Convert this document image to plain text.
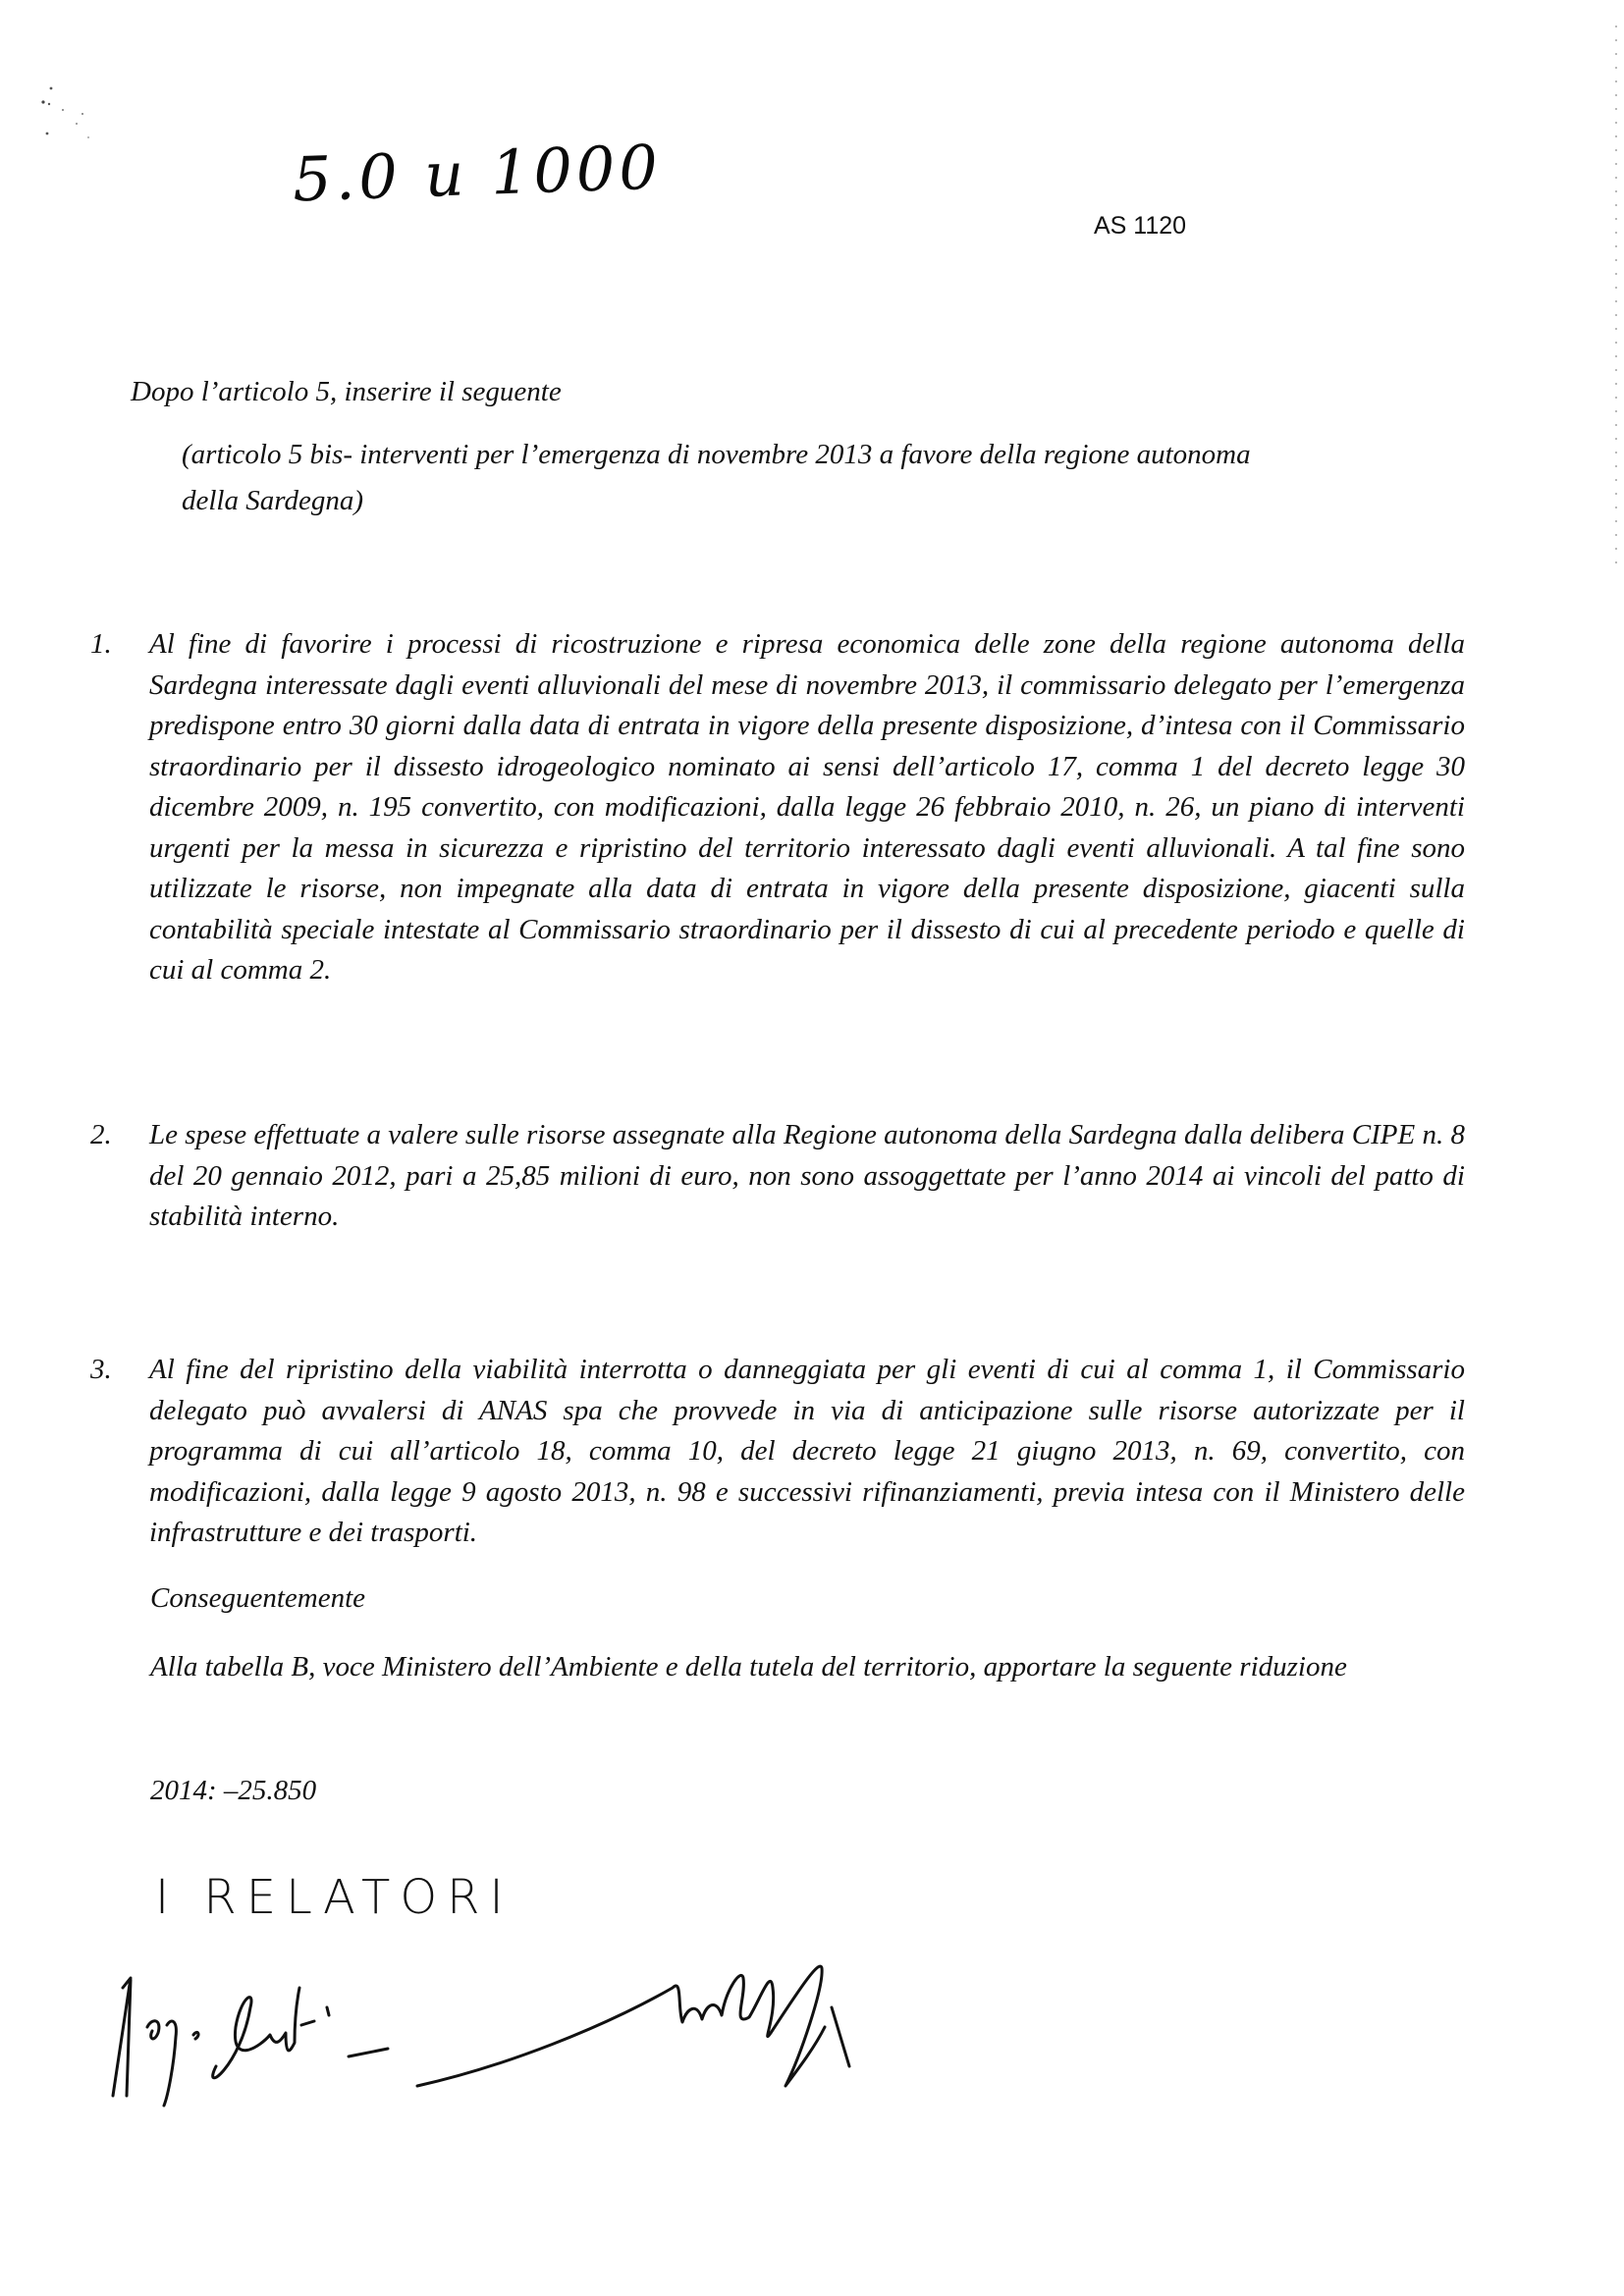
5.0 u 1000
AS 1120
Dopo l’articolo 5, inserire il seguente
(articolo 5 bis- interventi per l’emergenza di novembre 2013 a favore della regione autonoma
della Sardegna)
1.	Al fine di favorire i processi di ricostruzione e ripresa economica delle zone della regione autonoma della Sardegna interessate dagli eventi alluvionali del mese di novembre 2013, il commissario delegato per l’emergenza predispone entro 30 giorni dalla data di entrata in vigore della presente disposizione, d’intesa con il Commissario straordinario per il dissesto idrogeologico nominato ai sensi dell’articolo 17, comma 1 del decreto legge 30 dicembre 2009, n. 195 convertito, con modificazioni, dalla legge 26 febbraio 2010, n. 26, un piano di interventi urgenti per la messa in sicurezza e ripristino del territorio interessato dagli eventi alluvionali. A tal fine sono utilizzate le risorse, non impegnate alla data di entrata in vigore della presente disposizione, giacenti sulla contabilità speciale intestate al Commissario straordinario per il dissesto di cui al precedente periodo e quelle di cui al comma 2.
2.	Le spese effettuate a valere sulle risorse assegnate alla Regione autonoma della Sardegna dalla delibera CIPE n. 8 del 20 gennaio 2012, pari a 25,85 milioni di euro, non sono assoggettate per l’anno 2014 ai vincoli del patto di stabilità interno.
3.	Al fine del ripristino della viabilità interrotta o danneggiata per gli eventi di cui al comma 1, il Commissario delegato può avvalersi di ANAS spa che provvede in via di anticipazione sulle risorse autorizzate per il programma di cui all’articolo 18, comma 10, del decreto legge 21 giugno 2013, n. 69, convertito, con modificazioni, dalla legge 9 agosto 2013, n. 98 e successivi rifinanziamenti, previa intesa con il Ministero delle infrastrutture e dei trasporti.
Conseguentemente
Alla tabella B, voce Ministero dell’Ambiente e della tutela del territorio, apportare la seguente riduzione
2014: –25.850
I RELATORI
